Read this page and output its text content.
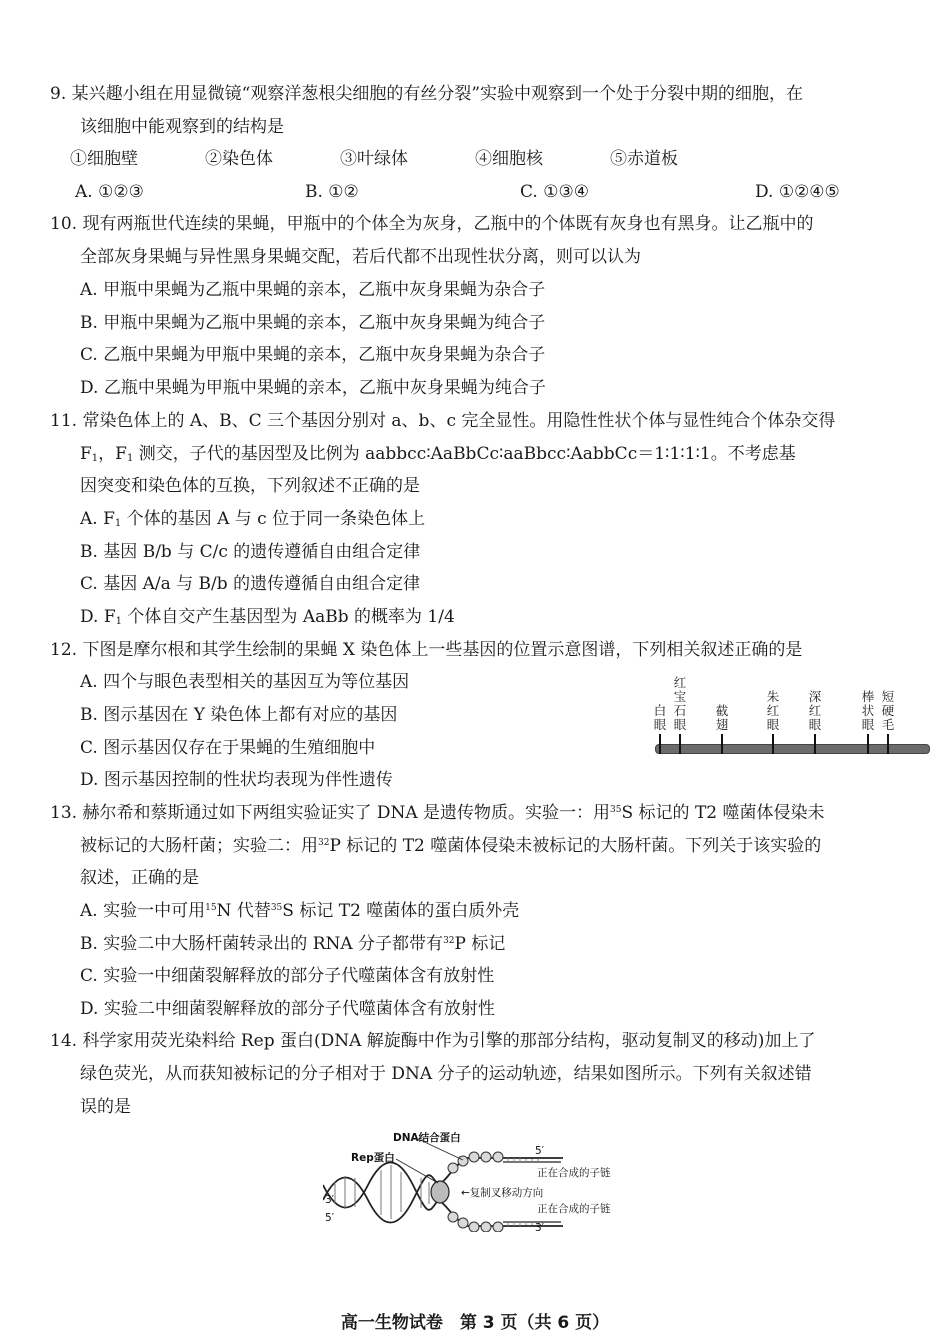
9. 某兴趣小组在用显微镜“观察洋葱根尖细胞的有丝分裂”实验中观察到一个处于分裂中期的细胞，在
该细胞中能观察到的结构是
①细胞壁	②染色体	③叶绿体	④细胞核	⑤赤道板
A. ①②③	B. ①②	C. ①③④	D. ①②④⑤
10. 现有两瓶世代连续的果蝇，甲瓶中的个体全为灰身，乙瓶中的个体既有灰身也有黑身。让乙瓶中的
全部灰身果蝇与异性黑身果蝇交配，若后代都不出现性状分离，则可以认为
A. 甲瓶中果蝇为乙瓶中果蝇的亲本，乙瓶中灰身果蝇为杂合子
B. 甲瓶中果蝇为乙瓶中果蝇的亲本，乙瓶中灰身果蝇为纯合子
C. 乙瓶中果蝇为甲瓶中果蝇的亲本，乙瓶中灰身果蝇为杂合子
D. 乙瓶中果蝇为甲瓶中果蝇的亲本，乙瓶中灰身果蝇为纯合子
11. 常染色体上的 A、B、C 三个基因分别对 a、b、c 完全显性。用隐性性状个体与显性纯合个体杂交得
$F_1$，$F_1$ 测交，子代的基因型及比例为 aabbcc∶AaBbCc∶aaBbcc∶AabbCc＝1∶1∶1∶1。不考虑基
因突变和染色体的互换，下列叙述不正确的是
A. $F_1$ 个体的基因 A 与 c 位于同一条染色体上
B. 基因 B/b 与 C/c 的遗传遵循自由组合定律
C. 基因 A/a 与 B/b 的遗传遵循自由组合定律
D. $F_1$ 个体自交产生基因型为 AaBb 的概率为 1/4
12. 下图是摩尔根和其学生绘制的果蝇 X 染色体上一些基因的位置示意图谱，下列相关叙述正确的是
A. 四个与眼色表型相关的基因互为等位基因
B. 图示基因在 Y 染色体上都有对应的基因
C. 图示基因仅存在于果蝇的生殖细胞中
D. 图示基因控制的性状均表现为伴性遗传
白眼
红宝石眼
截翅
朱红眼
深红眼
棒状眼
短硬毛
13. 赫尔希和蔡斯通过如下两组实验证实了 DNA 是遗传物质。实验一：用$^{35}$S 标记的 T2 噬菌体侵染未
被标记的大肠杆菌；实验二：用$^{32}$P 标记的 T2 噬菌体侵染未被标记的大肠杆菌。下列关于该实验的
叙述，正确的是
A. 实验一中可用$^{15}$N 代替$^{35}$S 标记 T2 噬菌体的蛋白质外壳
B. 实验二中大肠杆菌转录出的 RNA 分子都带有$^{32}$P 标记
C. 实验一中细菌裂解释放的部分子代噬菌体含有放射性
D. 实验二中细菌裂解释放的部分子代噬菌体含有放射性
14. 科学家用荧光染料给 Rep 蛋白(DNA 解旋酶中作为引擎的那部分结构，驱动复制叉的移动)加上了
绿色荧光，从而获知被标记的分子相对于 DNA 分子的运动轨迹，结果如图所示。下列有关叙述错
误的是
DNA结合蛋白
Rep蛋白
5′
正在合成的子链
←复制叉移动方向
3′
5′
正在合成的子链
3′
高一生物试卷　第 3 页（共 6 页）
